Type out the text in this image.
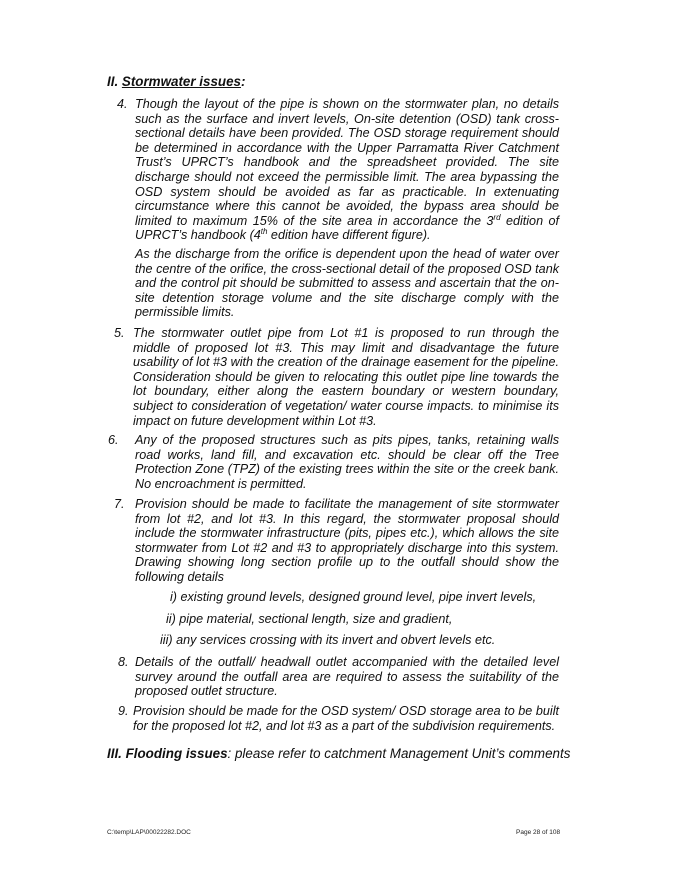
II. Stormwater issues:
4. Though the layout of the pipe is shown on the stormwater plan, no details such as the surface and invert levels, On-site detention (OSD) tank cross-sectional details have been provided. The OSD storage requirement should be determined in accordance with the Upper Parramatta River Catchment Trust’s UPRCT’s handbook and the spreadsheet provided. The site discharge should not exceed the permissible limit. The area bypassing the OSD system should be avoided as far as practicable. In extenuating circumstance where this cannot be avoided, the bypass area should be limited to maximum 15% of the site area in accordance the 3rd edition of UPRCT’s handbook (4th edition have different figure).
As the discharge from the orifice is dependent upon the head of water over the centre of the orifice, the cross-sectional detail of the proposed OSD tank and the control pit should be submitted to assess and ascertain that the on-site detention storage volume and the site discharge comply with the permissible limits.
5. The stormwater outlet pipe from Lot #1 is proposed to run through the middle of proposed lot #3. This may limit and disadvantage the future usability of lot #3 with the creation of the drainage easement for the pipeline. Consideration should be given to relocating this outlet pipe line towards the lot boundary, either along the eastern boundary or western boundary, subject to consideration of vegetation/ water course impacts. to minimise its impact on future development within Lot #3.
6. Any of the proposed structures such as pits pipes, tanks, retaining walls road works, land fill, and excavation etc. should be clear off the Tree Protection Zone (TPZ) of the existing trees within the site or the creek bank. No encroachment is permitted.
7. Provision should be made to facilitate the management of site stormwater from lot #2, and lot #3. In this regard, the stormwater proposal should include the stormwater infrastructure (pits, pipes etc.), which allows the site stormwater from Lot #2 and #3 to appropriately discharge into this system. Drawing showing long section profile up to the outfall should show the following details
i) existing ground levels, designed ground level, pipe invert levels,
ii) pipe material, sectional length, size and gradient,
iii) any services crossing with its invert and obvert levels etc.
8. Details of the outfall/ headwall outlet accompanied with the detailed level survey around the outfall area are required to assess the suitability of the proposed outlet structure.
9. Provision should be made for the OSD system/ OSD storage area to be built for the proposed lot #2, and lot #3 as a part of the subdivision requirements.
III. Flooding issues: please refer to catchment Management Unit’s comments
C:\temp\LAP\00022282.DOC	Page 28 of 108
